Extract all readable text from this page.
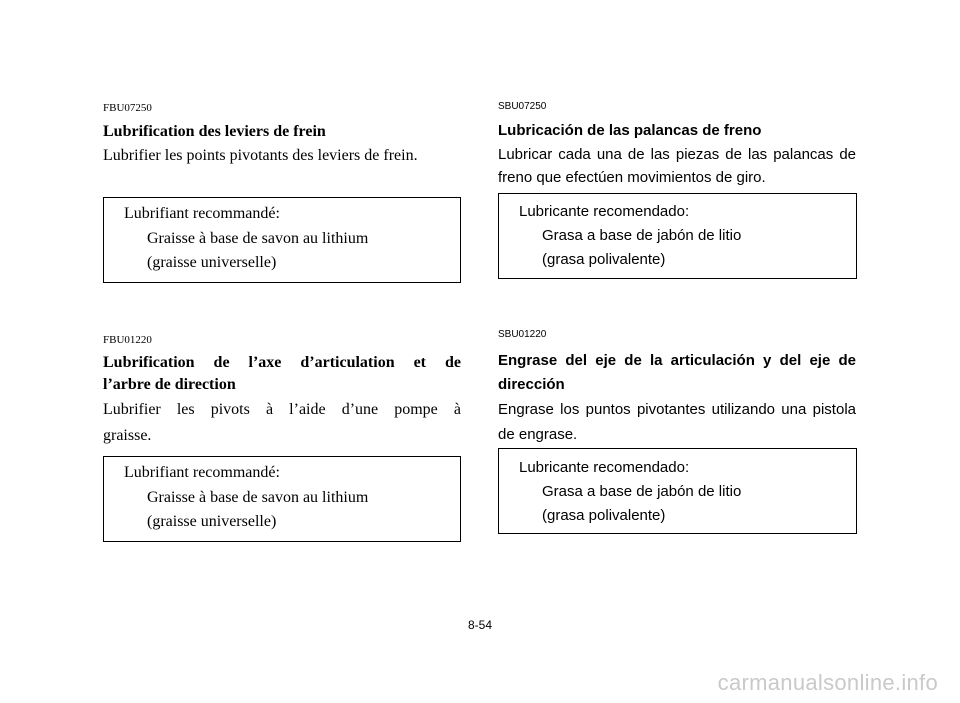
FBU07250

Lubrification des leviers de frein

Lubrifier les points pivotants des leviers de frein.

Lubrifiant recommandé:
Graisse à base de savon au lithium
(graisse universelle)

FBU01220

Lubrification de l’axe d’articulation et de

l’arbre de direction

Lubrifier les pivots à l’aide d’une pompe à

graisse.

Lubrifiant recommandé:
Graisse à base de savon au lithium
(graisse universelle)

SBU07250

Lubricación de las palancas de freno

Lubricar cada una de las piezas de las palancas de freno que efectúen movimientos de giro.

Lubricante recomendado:
Grasa a base de jabón de litio
(grasa polivalente)

SBU01220

Engrase del eje de la articulación y del eje de

dirección

Engrase los puntos pivotantes utilizando una pistola de engrase.

Lubricante recomendado:
Grasa a base de jabón de litio
(grasa polivalente)
8-54
carmanualsonline.info
